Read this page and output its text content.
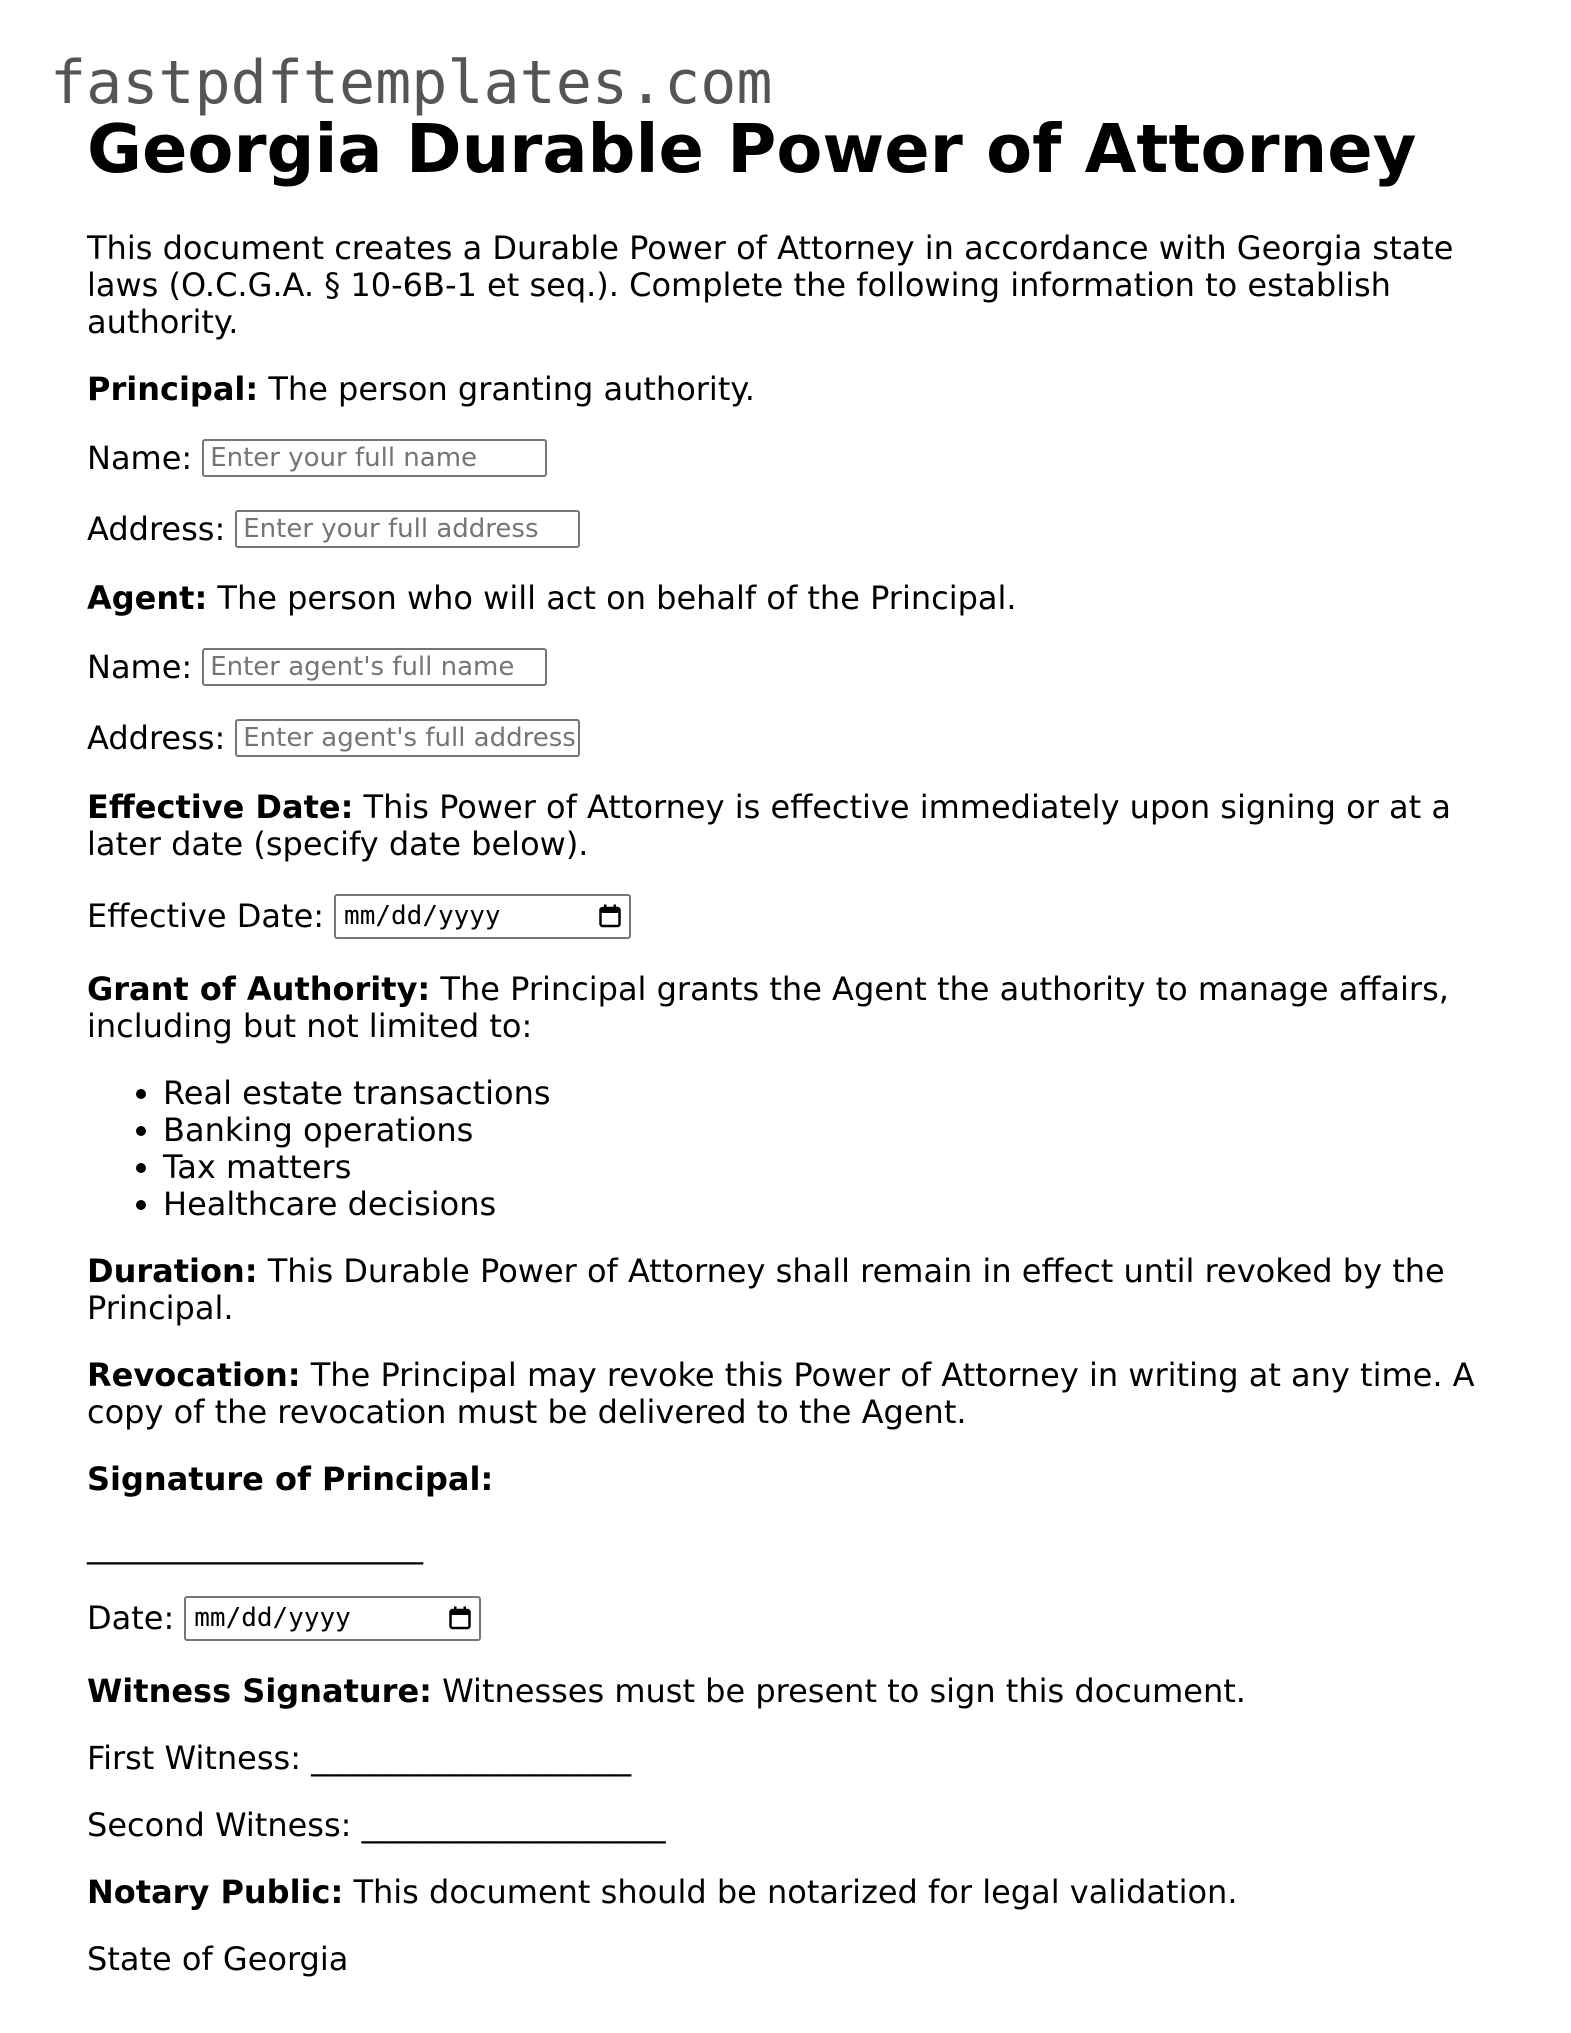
fastpdftemplates.com
Georgia Durable Power of Attorney

This document creates a Durable Power of Attorney in accordance with Georgia state laws (O.C.G.A. § 10-6B-1 et seq.). Complete the following information to establish authority.

Principal: The person granting authority.

Name: Enter your full name
Address: Enter your full address

Agent: The person who will act on behalf of the Principal.

Name: Enter agent's full name
Address: Enter agent's full address

Effective Date: This Power of Attorney is effective immediately upon signing or at a later date (specify date below).

Effective Date: mm/dd/yyyy

Grant of Authority: The Principal grants the Agent the authority to manage affairs, including but not limited to:

• Real estate transactions
• Banking operations
• Tax matters
• Healthcare decisions

Duration: This Durable Power of Attorney shall remain in effect until revoked by the Principal.

Revocation: The Principal may revoke this Power of Attorney in writing at any time. A copy of the revocation must be delivered to the Agent.

Signature of Principal:

_____________________
Date: mm/dd/yyyy

Witness Signature: Witnesses must be present to sign this document.

First Witness: ____________________

Second Witness: ___________________

Notary Public: This document should be notarized for legal validation.

State of Georgia
